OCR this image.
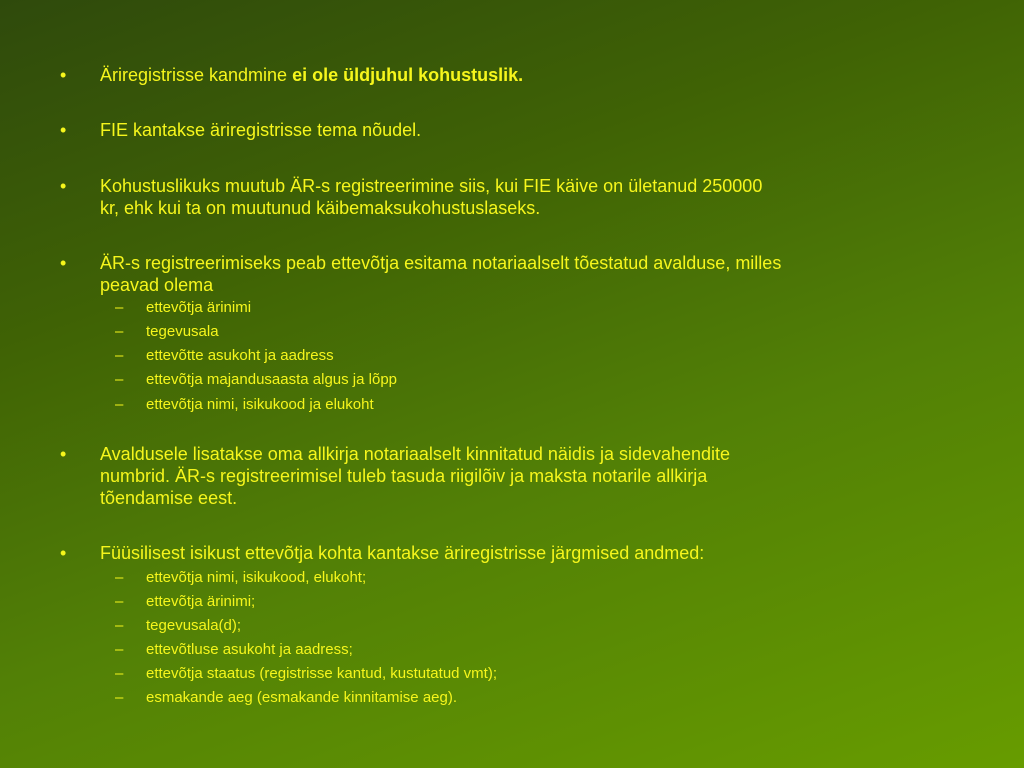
• Äriregistrisse kandmine ei ole üldjuhul kohustuslik.
• FIE kantakse äriregistrisse tema nõudel.
• Kohustuslikuks muutub ÄR-s registreerimine siis, kui FIE käive on ületanud 250000
kr, ehk kui ta on muutunud käibemaksukohustuslaseks.
• ÄR-s registreerimiseks peab ettevõtja esitama notariaalselt tõestatud avalduse, milles
peavad olema
– ettevõtja ärinimi
– tegevusala
– ettevõtte asukoht ja aadress
– ettevõtja majandusaasta algus ja lõpp
– ettevõtja nimi, isikukood ja elukoht
• Avaldusele lisatakse oma allkirja notariaalselt kinnitatud näidis ja sidevahendite
numbrid. ÄR-s registreerimisel tuleb tasuda riigilõiv ja maksta notarile allkirja
tõendamise eest.
• Füüsilisest isikust ettevõtja kohta kantakse äriregistrisse järgmised andmed:
– ettevõtja nimi, isikukood, elukoht;
– ettevõtja ärinimi;
– tegevusala(d);
– ettevõtluse asukoht ja aadress;
– ettevõtja staatus (registrisse kantud, kustutatud vmt);
– esmakande aeg (esmakande kinnitamise aeg).
